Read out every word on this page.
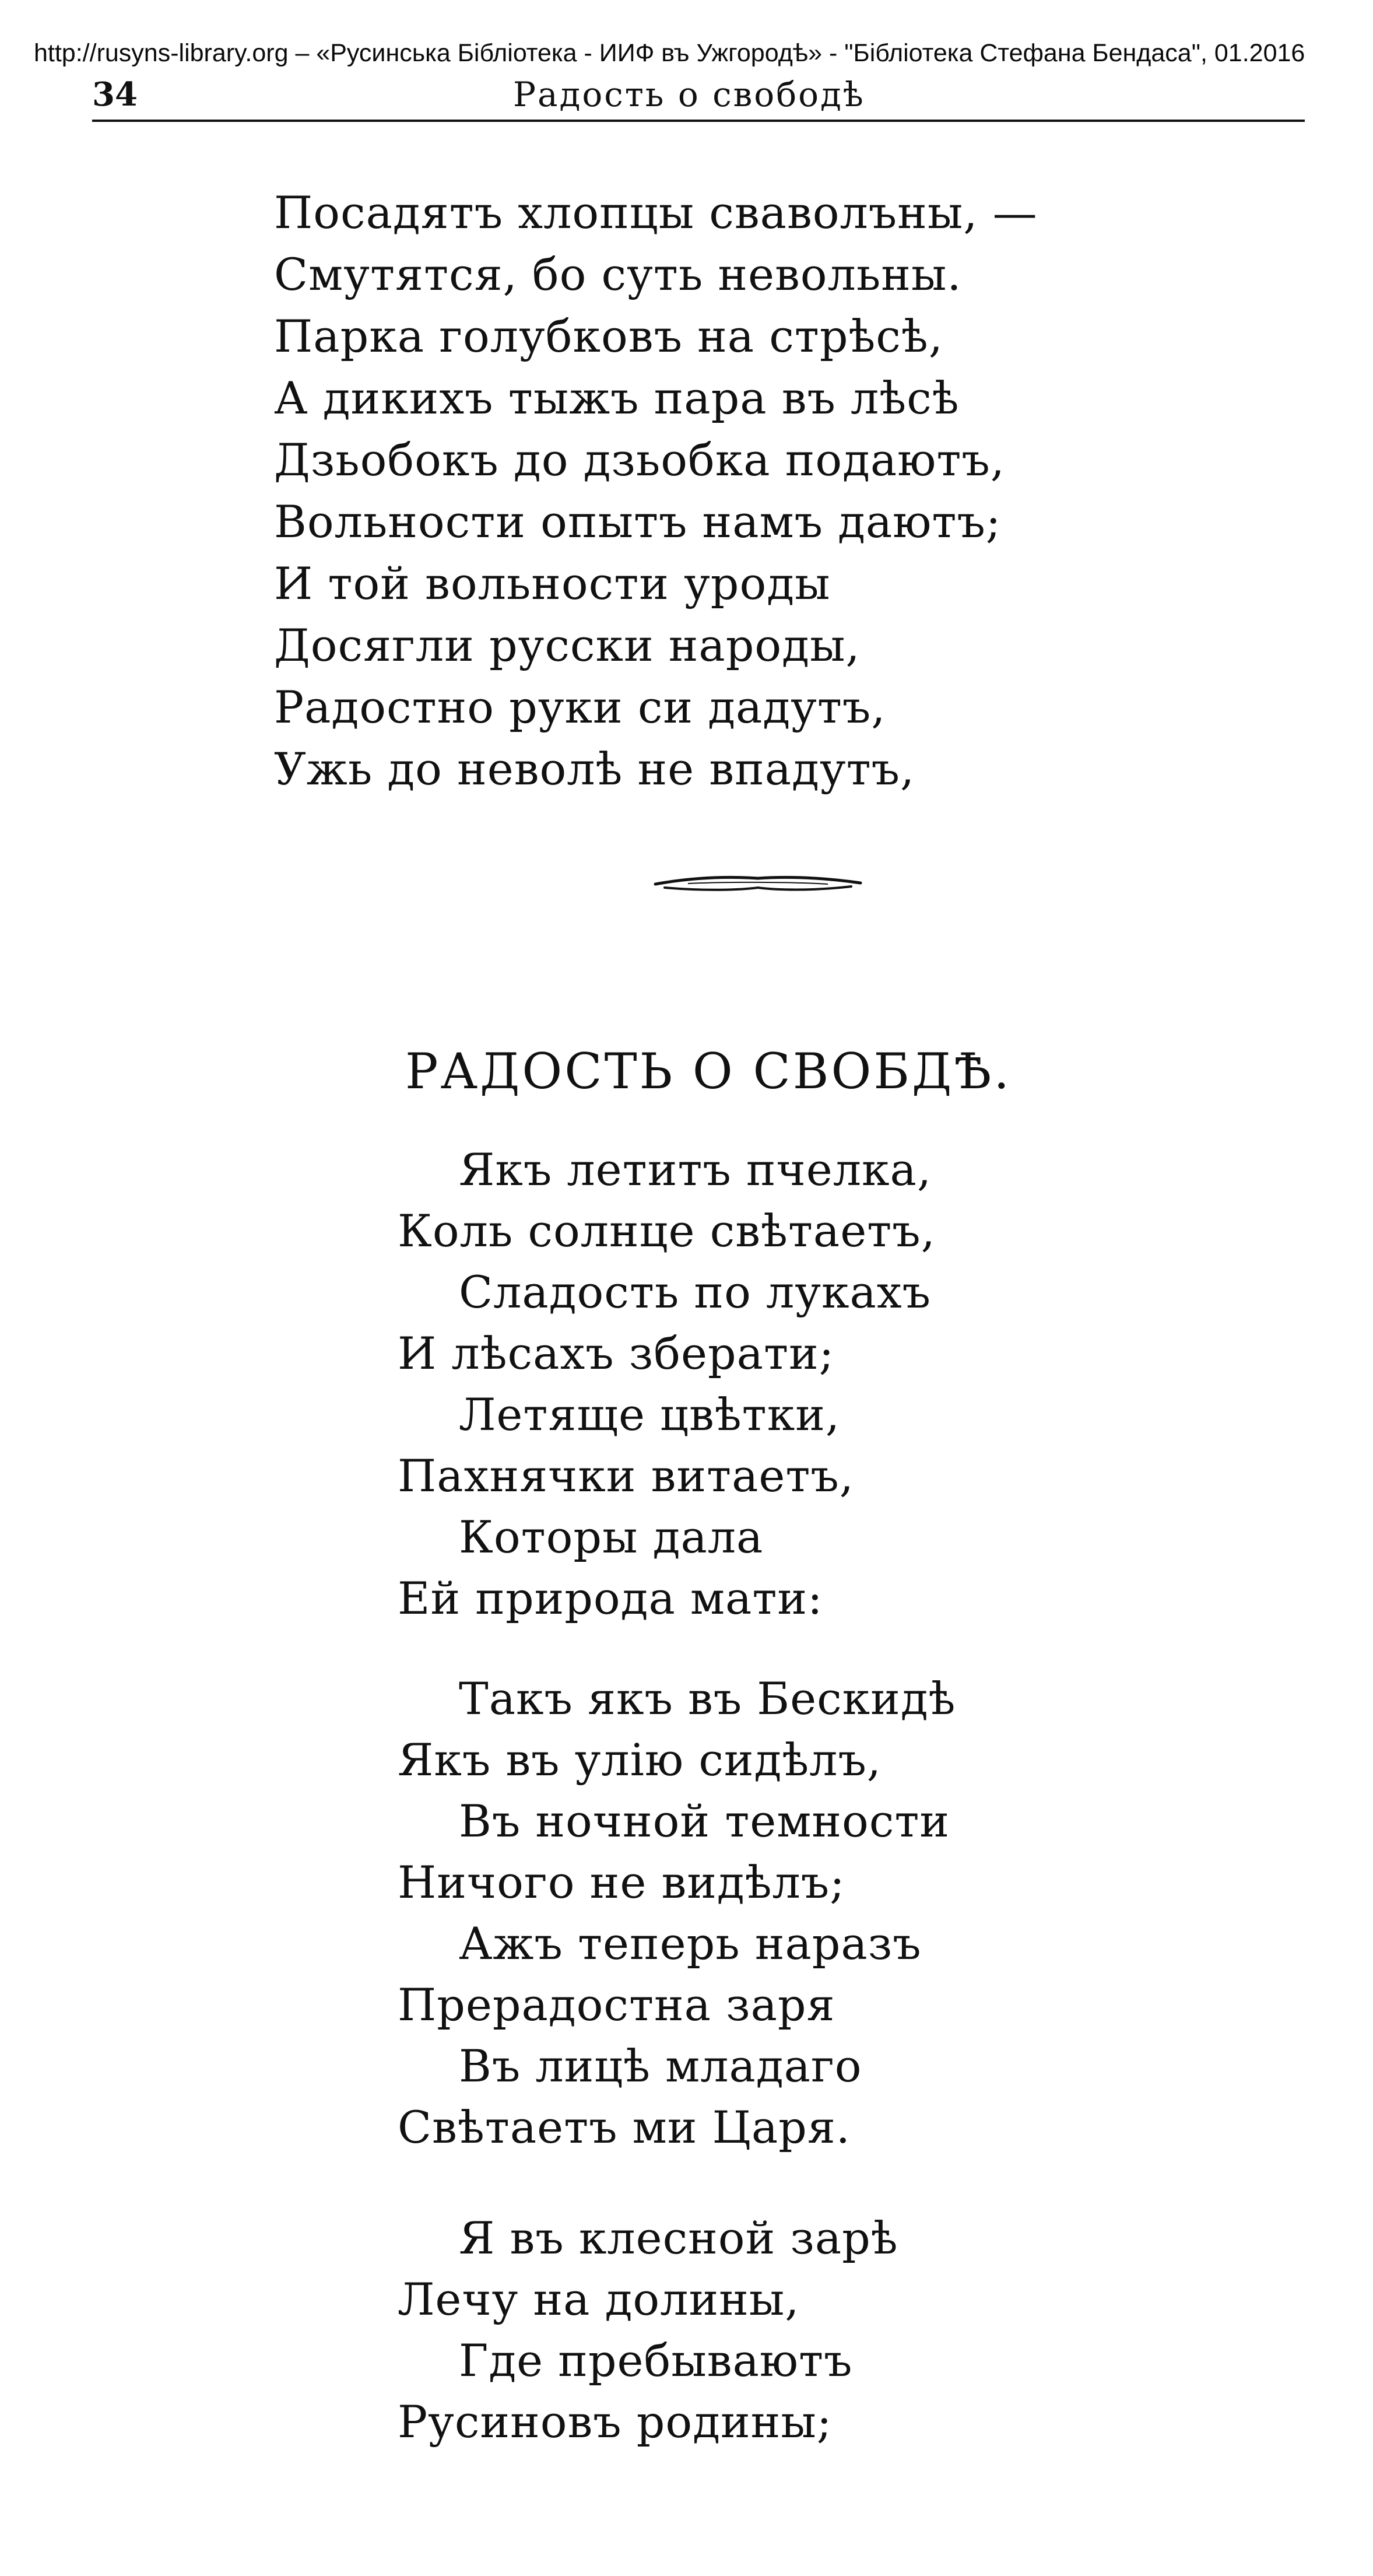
http://rusyns-library.org – «Русинська Бібліотека - ИИФ въ Ужгородѣ» - "Бібліотека Стефана Бендаса", 01.2016
34	Радость о свободѣ
Посадятъ хлопцы сваволъны, —
Смутятся, бо суть невольны.
Парка голубковъ на стрѣсѣ,
А дикихъ тыжъ пара въ лѣсѣ
Дзьобокъ до дзьобка подаютъ,
Вольности опытъ намъ даютъ;
И той вольности уроды
Досягли русски народы,
Радостно руки си дадутъ,
Ужь до неволѣ не впадутъ,
РАДОСТЬ О СВОБДѢ.
Якъ летитъ пчелка,
Коль солнце свѣтаетъ,
Сладость по лукахъ
И лѣсахъ зберати;
Летяще цвѣтки,
Пахнячки витаетъ,
Которы дала
Ей природа мати:
Такъ якъ въ Бескидѣ
Якъ въ улію сидѣлъ,
Въ ночной темности
Ничого не видѣлъ;
Ажъ теперь наразъ
Прерадостна заря
Въ лицѣ младаго
Свѣтаетъ ми Царя.
Я въ клесной зарѣ
Лечу на долины,
Где пребываютъ
Русиновъ родины;
